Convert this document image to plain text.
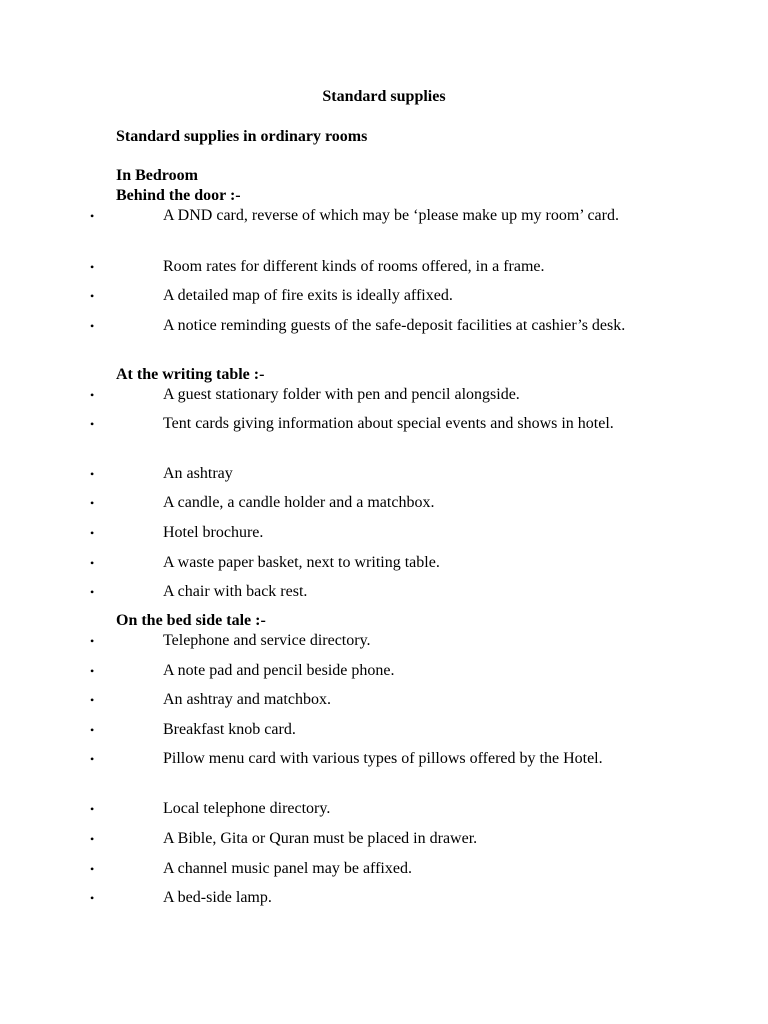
Standard supplies
Standard supplies in ordinary rooms
In Bedroom
Behind the door :-
•
A DND card, reverse of which may be ‘please make up my room’ card.
•
Room rates for different kinds of rooms offered, in a frame.
•
A detailed map of fire exits is ideally affixed.
•
A notice reminding guests of the safe-deposit facilities at cashier’s desk.
At the writing table :-
•
A guest stationary folder with pen and pencil alongside.
•
Tent cards giving information about special events and shows in hotel.
•
An ashtray
•
A candle, a candle holder and a matchbox.
•
Hotel brochure.
•
A waste paper basket, next to writing table.
•
A chair with back rest.
On the bed side tale :-
•
Telephone and service directory.
•
A note pad and pencil beside phone.
•
An ashtray and matchbox.
•
Breakfast knob card.
•
Pillow menu card with various types of pillows offered by the Hotel.
•
Local telephone directory.
•
A Bible, Gita or Quran must be placed in drawer.
•
A channel music panel may be affixed.
•
A bed-side lamp.
